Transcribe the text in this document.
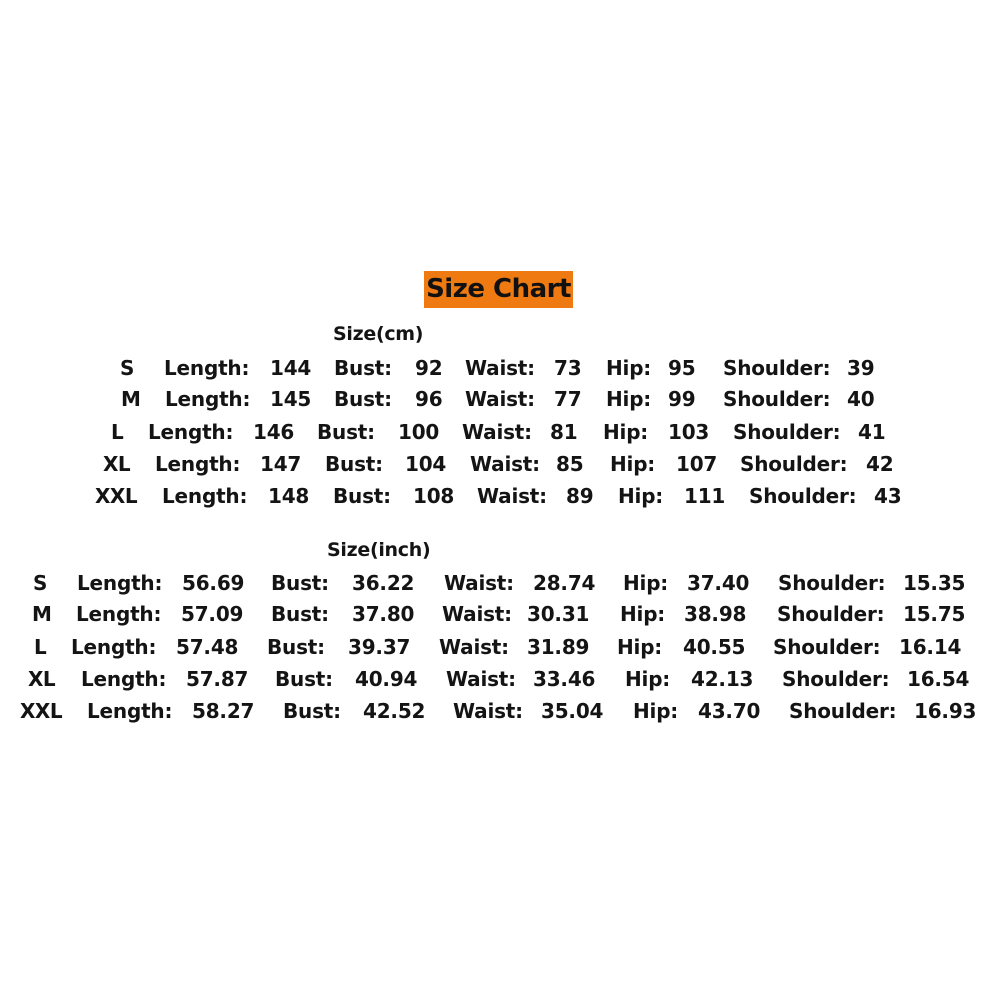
Size Chart
Size(cm)
S Length: 144 Bust: 92 Waist: 73 Hip: 95 Shoulder: 39
M Length: 145 Bust: 96 Waist: 77 Hip: 99 Shoulder: 40
L Length: 146 Bust: 100 Waist: 81 Hip: 103 Shoulder: 41
XL Length: 147 Bust: 104 Waist: 85 Hip: 107 Shoulder: 42
XXL Length: 148 Bust: 108 Waist: 89 Hip: 111 Shoulder: 43
Size(inch)
S Length: 56.69 Bust: 36.22 Waist: 28.74 Hip: 37.40 Shoulder: 15.35
M Length: 57.09 Bust: 37.80 Waist: 30.31 Hip: 38.98 Shoulder: 15.75
L Length: 57.48 Bust: 39.37 Waist: 31.89 Hip: 40.55 Shoulder: 16.14
XL Length: 57.87 Bust: 40.94 Waist: 33.46 Hip: 42.13 Shoulder: 16.54
XXL Length: 58.27 Bust: 42.52 Waist: 35.04 Hip: 43.70 Shoulder: 16.93
